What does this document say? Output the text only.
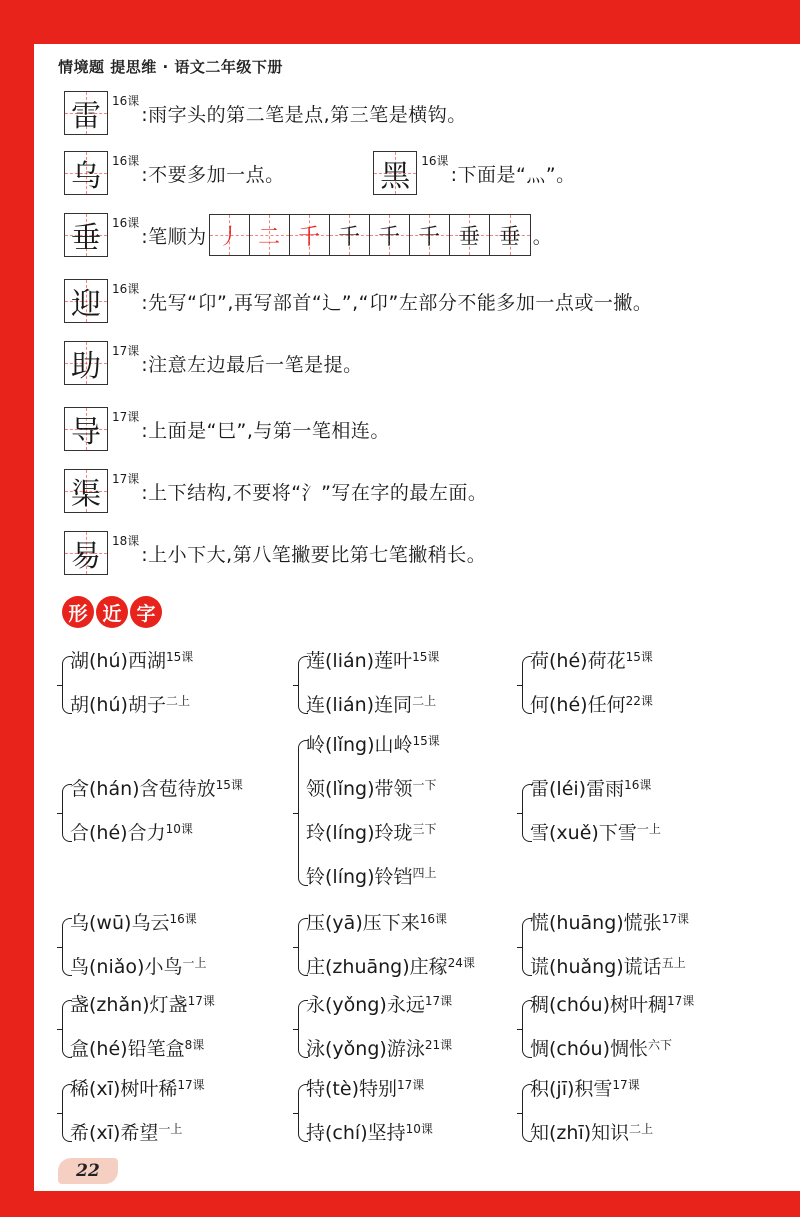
情境题 提思维 · 语文二年级下册
雷 16课
:雨字头的第二笔是点,第三笔是横钩。
乌 16课
:不要多加一点。	黑 16课
:下面是“灬”。
垂 16课
:笔顺为 丿 二 千 千 千 千 垂 垂 。
迎 16课
:先写“卬”,再写部首“辶”,“卬”左部分不能多加一点或一撇。
助 17课
:注意左边最后一笔是提。
导 17课
:上面是“巳”,与第一笔相连。
渠 17课
:上下结构,不要将“氵”写在字的最左面。
易 18课
:上小下大,第八笔撇要比第七笔撇稍长。
形 近 字
湖(hú)西湖$^{15课}$
胡(hú)胡子$^{二上}$
莲(lián)莲叶$^{15课}$
连(lián)连同$^{二上}$
荷(hé)荷花$^{15课}$
何(hé)任何$^{22课}$
含(hán)含苞待放$^{15课}$
合(hé)合力$^{10课}$
岭(lǐng)山岭$^{15课}$
领(lǐng)带领$^{一下}$
玲(líng)玲珑$^{三下}$
铃(líng)铃铛$^{四上}$
雷(léi)雷雨$^{16课}$
雪(xuě)下雪$^{一上}$
乌(wū)乌云$^{16课}$
鸟(niǎo)小鸟$^{一上}$
压(yā)压下来$^{16课}$
庄(zhuāng)庄稼$^{24课}$
慌(huāng)慌张$^{17课}$
谎(huǎng)谎话$^{五上}$
盏(zhǎn)灯盏$^{17课}$
盒(hé)铅笔盒$^{8课}$
永(yǒng)永远$^{17课}$
泳(yǒng)游泳$^{21课}$
稠(chóu)树叶稠$^{17课}$
惆(chóu)惆怅$^{六下}$
稀(xī)树叶稀$^{17课}$
希(xī)希望$^{一上}$
特(tè)特别$^{17课}$
持(chí)坚持$^{10课}$
积(jī)积雪$^{17课}$
知(zhī)知识$^{二上}$
22
